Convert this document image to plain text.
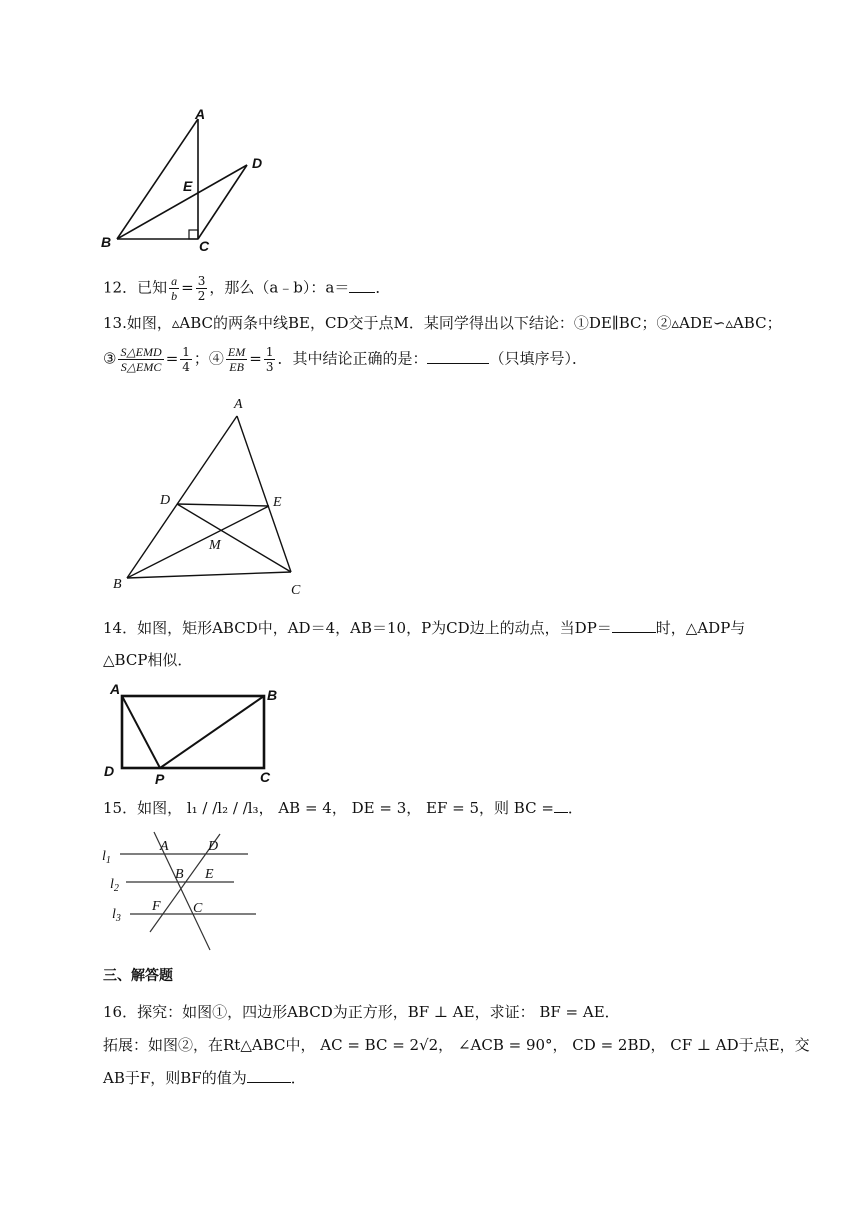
A
B	C
D
E
12．已知 $\frac{a}{b} = \frac{3}{2}$ ，那么（a﹣b）：a＝ ．
13.如图，▵ABC的两条中线BE，CD交于点M．某同学得出以下结论：①DE∥BC；②▵ADE∽▵ABC；
③ $\frac{\text{S△EMD}}{\text{S△EMC}} = \frac{1}{4}$ ；④ $\frac{EM}{EB} = \frac{1}{3}$ ．其中结论正确的是：	（只填序号）．
A
B	C
D	E
M
14．如图，矩形ABCD中，AD＝4，AB＝10，P为CD边上的动点，当DP＝	时，△ADP与
△BCP相似．
A	B
C
D	P
15．如图， l₁ / /l₂ / /l₃， AB = 4， DE = 3， EF = 5，则 BC = ．
$l_1$
$l_2$
$l_3$
A
B
C
D
E
F
三、解答题
16．探究：如图①，四边形ABCD为正方形，BF ⊥ AE，求证： BF = AE．
拓展：如图②，在Rt△ABC中， AC = BC = 2√2， ∠ACB = 90°， CD = 2BD， CF ⊥ AD于点E，交
AB于F，则BF的值为	．
